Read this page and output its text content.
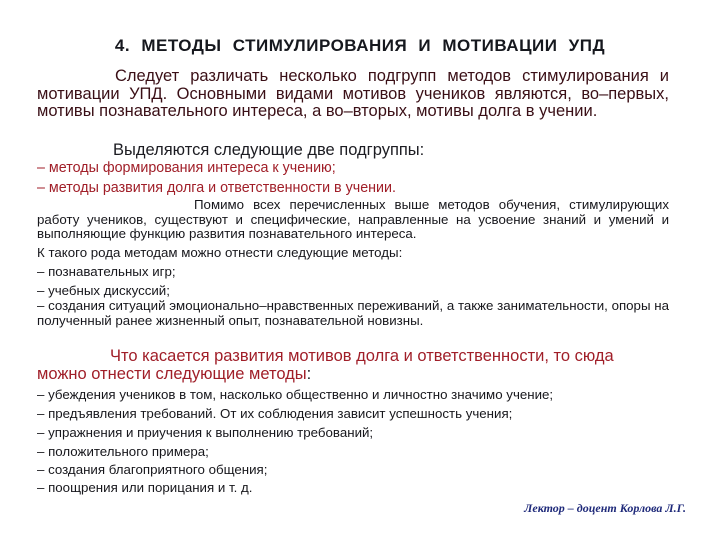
4. МЕТОДЫ СТИМУЛИРОВАНИЯ И МОТИВАЦИИ УПД
Следует различать несколько подгрупп методов стимулирования и мотивации УПД. Основными видами мотивов учеников являются, во–первых, мотивы познавательного интереса, а во–вторых, мотивы долга в учении.
Выделяются следующие две подгруппы:
– методы формирования интереса к учению;
– методы развития долга и ответственности в учении.
Помимо всех перечисленных выше методов обучения, стимулирующих работу учеников, существуют и специфические, направленные на усвоение знаний и умений и выполняющие функцию развития познавательного интереса.
К такого рода методам можно отнести следующие методы:
– познавательных игр;
– учебных дискуссий;
– создания ситуаций эмоционально–нравственных переживаний, а также занимательности, опоры на полученный ранее жизненный опыт, познавательной новизны.
Что касается развития мотивов долга и ответственности, то сюда можно отнести следующие методы:
– убеждения учеников в том, насколько общественно и личностно значимо учение;
– предъявления требований. От их соблюдения зависит успешность учения;
– упражнения и приучения к выполнению требований;
– положительного примера;
– создания благоприятного общения;
– поощрения или порицания и т. д.
Лектор – доцент Корлова Л.Г.
